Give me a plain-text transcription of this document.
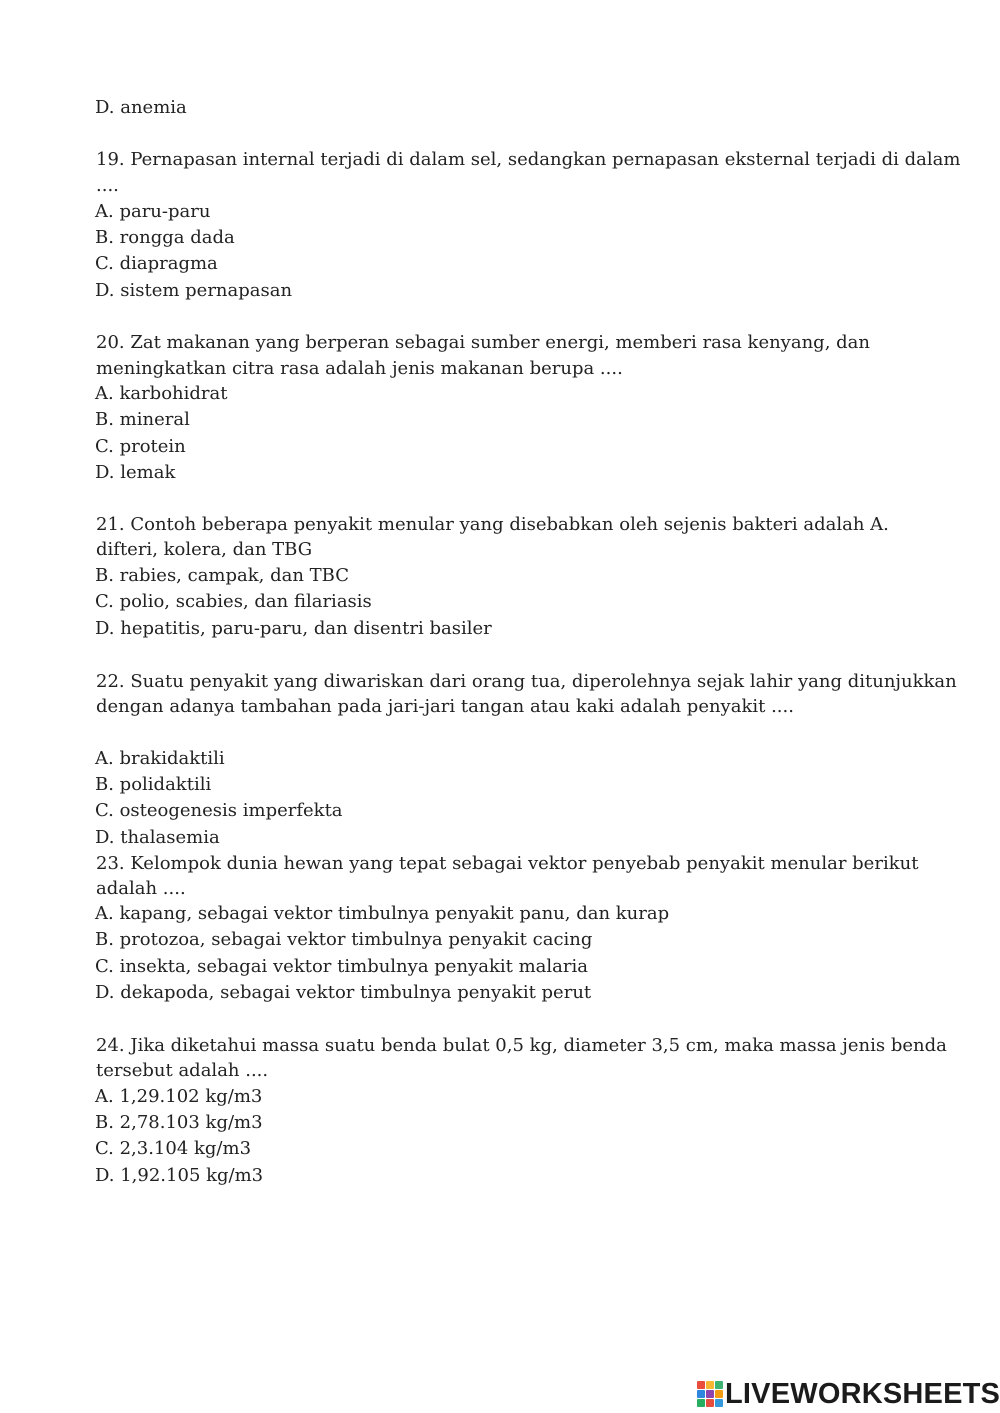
D. anemia
19. Pernapasan internal terjadi di dalam sel, sedangkan pernapasan eksternal terjadi di dalam
....
A. paru-paru
B. rongga dada
C. diapragma
D. sistem pernapasan
20. Zat makanan yang berperan sebagai sumber energi, memberi rasa kenyang, dan
meningkatkan citra rasa adalah jenis makanan berupa ....
A. karbohidrat
B. mineral
C. protein
D. lemak
21. Contoh beberapa penyakit menular yang disebabkan oleh sejenis bakteri adalah A.
difteri, kolera, dan TBG
B. rabies, campak, dan TBC
C. polio, scabies, dan filariasis
D. hepatitis, paru-paru, dan disentri basiler
22. Suatu penyakit yang diwariskan dari orang tua, diperolehnya sejak lahir yang ditunjukkan
dengan adanya tambahan pada jari-jari tangan atau kaki adalah penyakit ....
A. brakidaktili
B. polidaktili
C. osteogenesis imperfekta
D. thalasemia
23. Kelompok dunia hewan yang tepat sebagai vektor penyebab penyakit menular berikut
adalah ....
A. kapang, sebagai vektor timbulnya penyakit panu, dan kurap
B. protozoa, sebagai vektor timbulnya penyakit cacing
C. insekta, sebagai vektor timbulnya penyakit malaria
D. dekapoda, sebagai vektor timbulnya penyakit perut
24. Jika diketahui massa suatu benda bulat 0,5 kg, diameter 3,5 cm, maka massa jenis benda
tersebut adalah ....
A. 1,29.102 kg/m3
B. 2,78.103 kg/m3
C. 2,3.104 kg/m3
D. 1,92.105 kg/m3
LIVEWORKSHEETS
